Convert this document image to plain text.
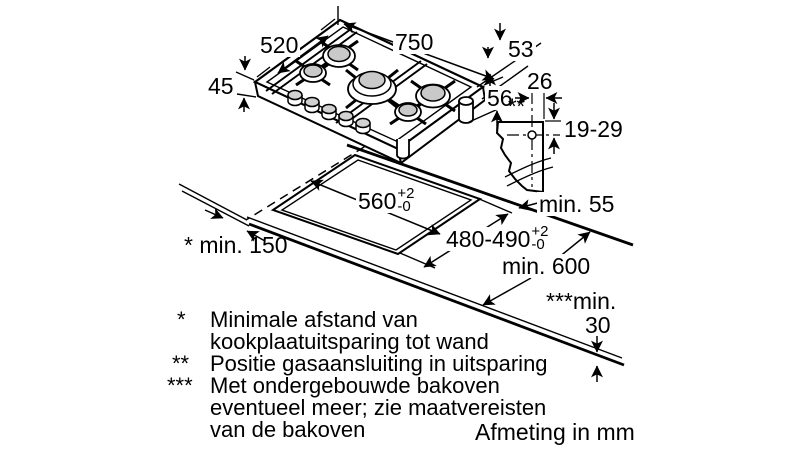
750
520
45
53
56
26
**
19-29
min. 55
560 +2
-0
480-490 +2
-0
* min. 150
min. 600
***min.
30
* Minimale afstand van
kookplaatuitsparing tot wand
** Positie gasaansluiting in uitsparing
*** Met ondergebouwde bakoven
eventueel meer; zie maatvereisten
van de bakoven	Afmeting in mm
